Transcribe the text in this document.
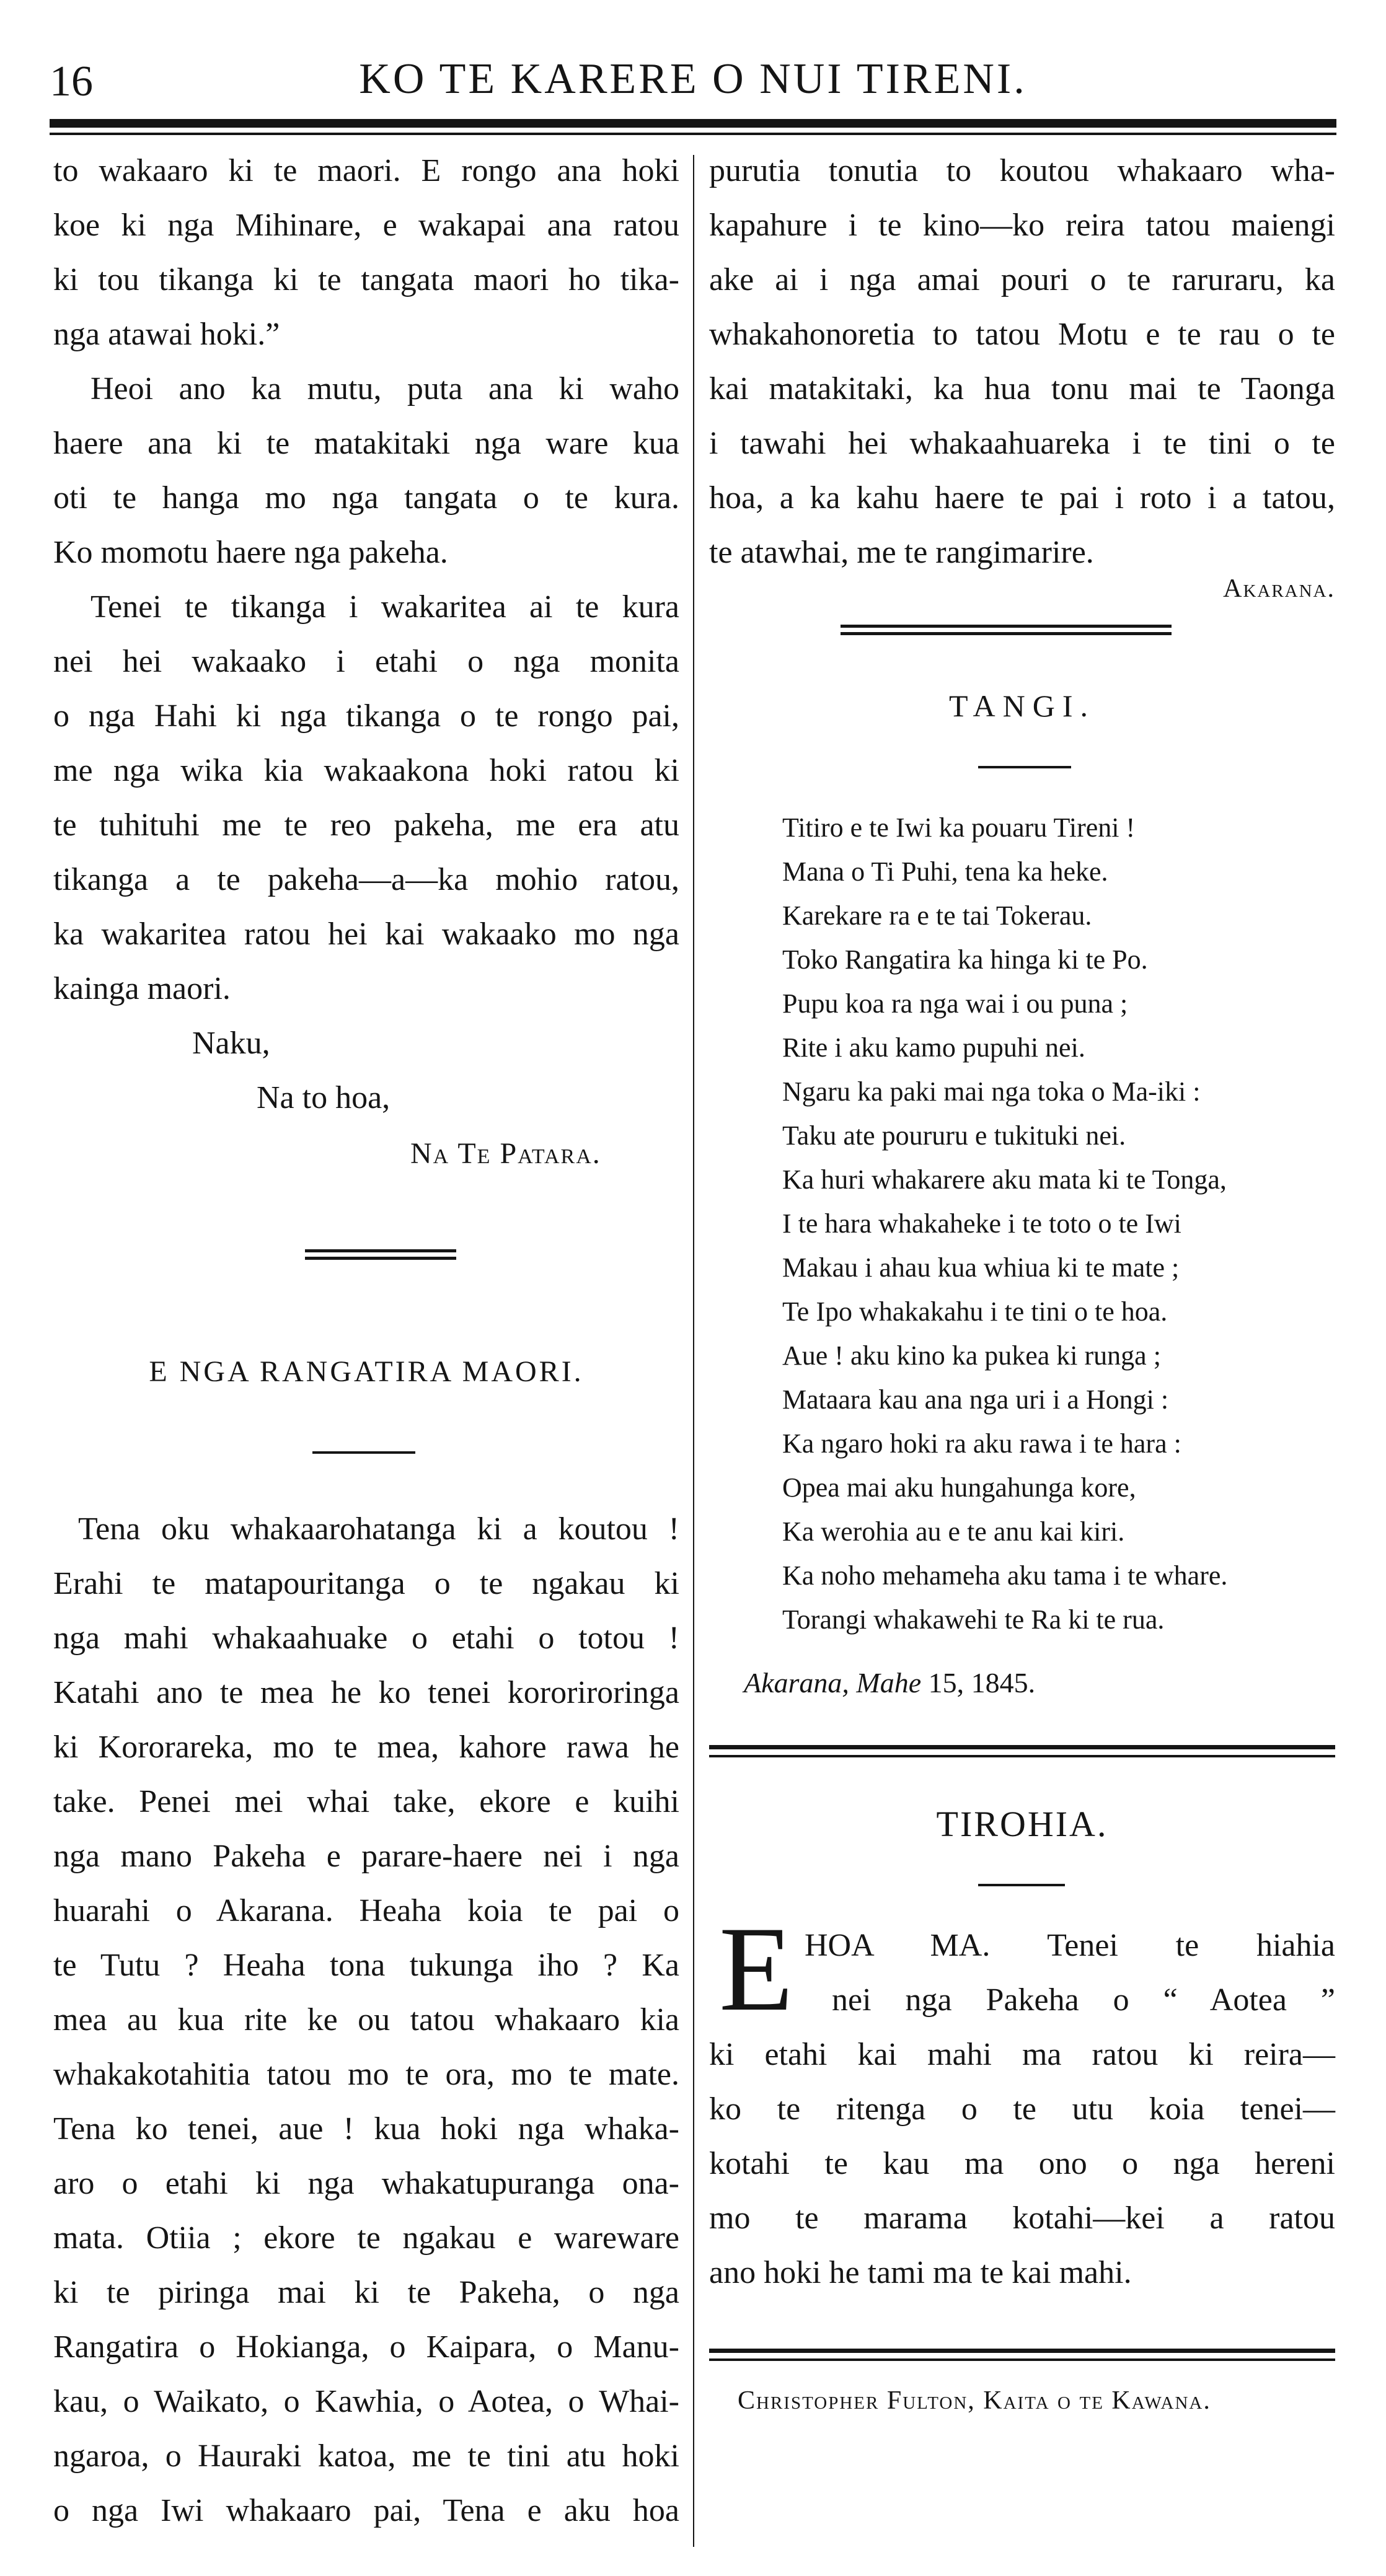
16	KO TE KARERE O NUI TIRENI.
to wakaaro ki te maori. E rongo ana hoki
koe ki nga Mihinare, e wakapai ana ratou
ki tou tikanga ki te tangata maori ho tika-
nga atawai hoki.”
Heoi ano ka mutu, puta ana ki waho
haere ana ki te matakitaki nga ware kua
oti te hanga mo nga tangata o te kura.
Ko momotu haere nga pakeha.
Tenei te tikanga i wakaritea ai te kura
nei hei wakaako i etahi o nga monita
o nga Hahi ki nga tikanga o te rongo pai,
me nga wika kia wakaakona hoki ratou ki
te tuhituhi me te reo pakeha, me era atu
tikanga a te pakeha—a—ka mohio ratou,
ka wakaritea ratou hei kai wakaako mo nga
kainga maori.
Naku,
Na to hoa,
Na Te Patara.
E NGA RANGATIRA MAORI.
Tena oku whakaarohatanga ki a koutou !
Erahi te matapouritanga o te ngakau ki
nga mahi whakaahuake o etahi o totou !
Katahi ano te mea he ko tenei kororiroringa
ki Kororareka, mo te mea, kahore rawa he
take. Penei mei whai take, ekore e kuihi
nga mano Pakeha e parare-haere nei i nga
huarahi o Akarana. Heaha koia te pai o
te Tutu ? Heaha tona tukunga iho ? Ka
mea au kua rite ke ou tatou whakaaro kia
whakakotahitia tatou mo te ora, mo te mate.
Tena ko tenei, aue ! kua hoki nga whaka-
aro o etahi ki nga whakatupuranga ona-
mata. Otiia ; ekore te ngakau e wareware
ki te piringa mai ki te Pakeha, o nga
Rangatira o Hokianga, o Kaipara, o Manu-
kau, o Waikato, o Kawhia, o Aotea, o Whai-
ngaroa, o Hauraki katoa, me te tini atu hoki
o nga Iwi whakaaro pai, Tena e aku hoa
purutia tonutia to koutou whakaaro wha-
kapahure i te kino—ko reira tatou maiengi
ake ai i nga amai pouri o te raruraru, ka
whakahonoretia to tatou Motu e te rau o te
kai matakitaki, ka hua tonu mai te Taonga
i tawahi hei whakaahuareka i te tini o te
hoa, a ka kahu haere te pai i roto i a tatou,
te atawhai, me te rangimarire.
Akarana.
TANGI.
Titiro e te Iwi ka pouaru Tireni !
Mana o Ti Puhi, tena ka heke.
Karekare ra e te tai Tokerau.
Toko Rangatira ka hinga ki te Po.
Pupu koa ra nga wai i ou puna ;
Rite i aku kamo pupuhi nei.
Ngaru ka paki mai nga toka o Ma-iki :
Taku ate poururu e tukituki nei.
Ka huri whakarere aku mata ki te Tonga,
I te hara whakaheke i te toto o te Iwi
Makau i ahau kua whiua ki te mate ;
Te Ipo whakakahu i te tini o te hoa.
Aue ! aku kino ka pukea ki runga ;
Mataara kau ana nga uri i a Hongi :
Ka ngaro hoki ra aku rawa i te hara :
Opea mai aku hungahunga kore,
Ka werohia au e te anu kai kiri.
Ka noho mehameha aku tama i te whare.
Torangi whakawehi te Ra ki te rua.
Akarana, Mahe 15, 1845.
TIROHIA.
E HOA MA. Tenei te hiahia
nei nga Pakeha o “ Aotea ”
ki etahi kai mahi ma ratou ki reira—
ko te ritenga o te utu koia tenei—
kotahi te kau ma ono o nga hereni
mo te marama kotahi—kei a ratou
ano hoki he tami ma te kai mahi.
Christopher Fulton, Kaita o te Kawana.
